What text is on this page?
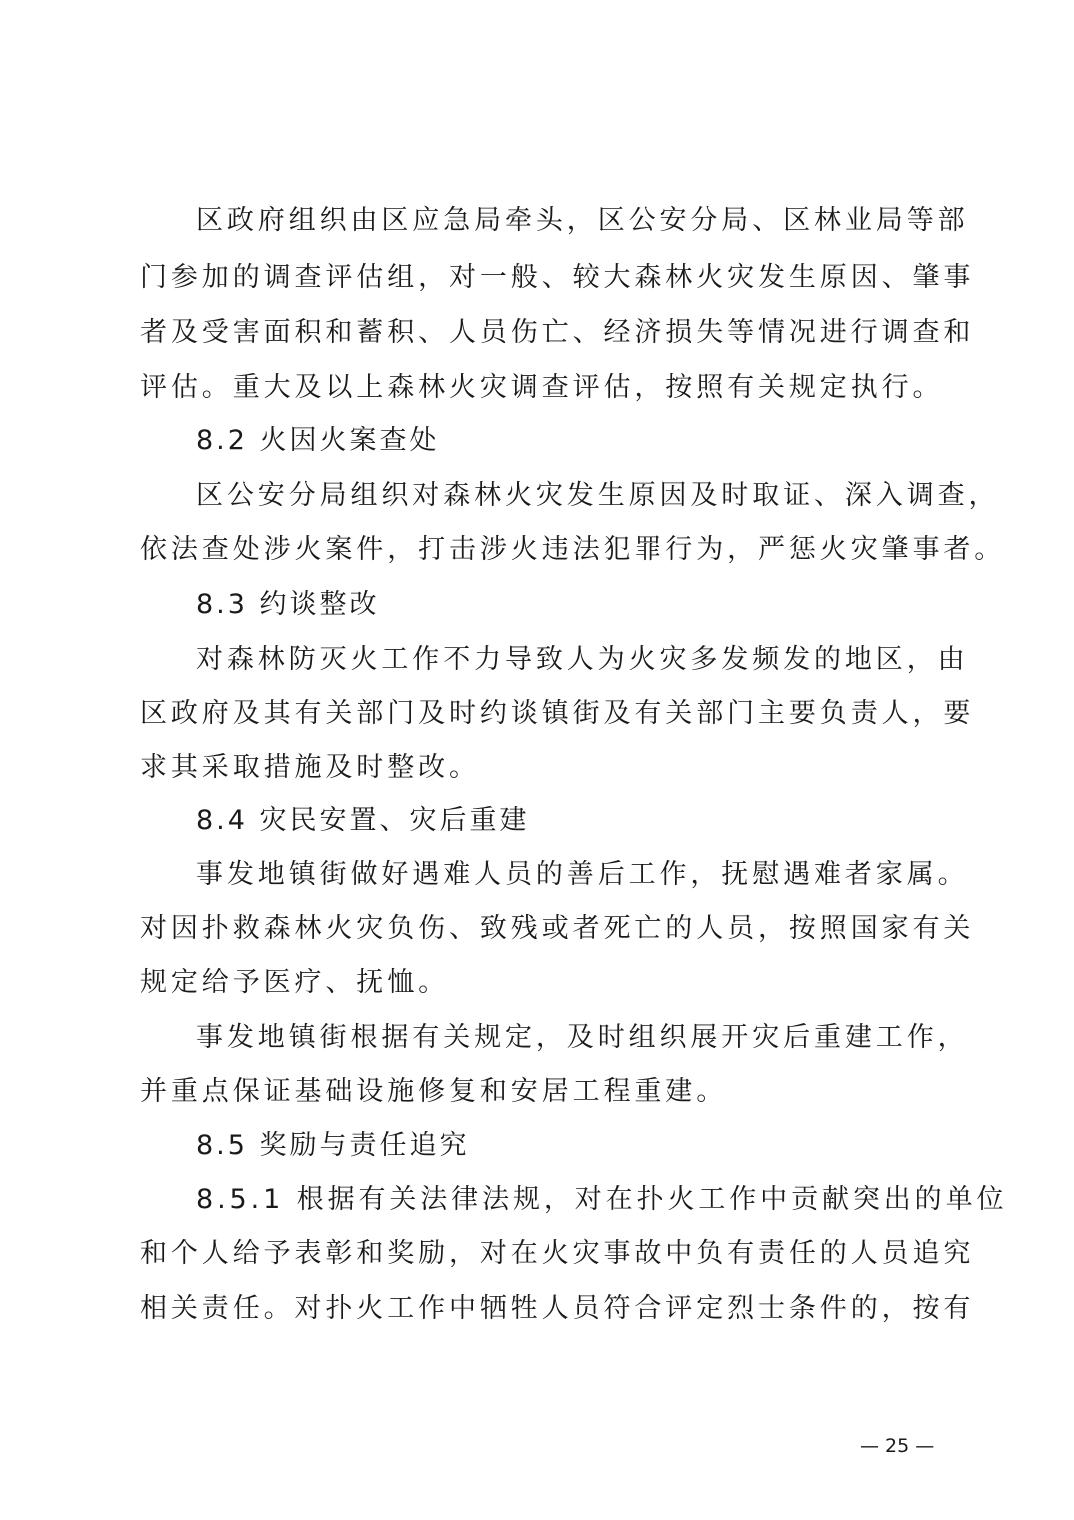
区政府组织由区应急局牵头，区公安分局、区林业局等部
门参加的调查评估组，对一般、较大森林火灾发生原因、肇事
者及受害面积和蓄积、人员伤亡、经济损失等情况进行调查和
评估。重大及以上森林火灾调查评估，按照有关规定执行。
8.2 火因火案查处
区公安分局组织对森林火灾发生原因及时取证、深入调查，
依法查处涉火案件，打击涉火违法犯罪行为，严惩火灾肇事者。
8.3 约谈整改
对森林防灭火工作不力导致人为火灾多发频发的地区，由
区政府及其有关部门及时约谈镇街及有关部门主要负责人，要
求其采取措施及时整改。
8.4 灾民安置、灾后重建
事发地镇街做好遇难人员的善后工作，抚慰遇难者家属。
对因扑救森林火灾负伤、致残或者死亡的人员，按照国家有关
规定给予医疗、抚恤。
事发地镇街根据有关规定，及时组织展开灾后重建工作，
并重点保证基础设施修复和安居工程重建。
8.5 奖励与责任追究
8.5.1 根据有关法律法规，对在扑火工作中贡献突出的单位
和个人给予表彰和奖励，对在火灾事故中负有责任的人员追究
相关责任。对扑火工作中牺牲人员符合评定烈士条件的，按有
— 25 —
